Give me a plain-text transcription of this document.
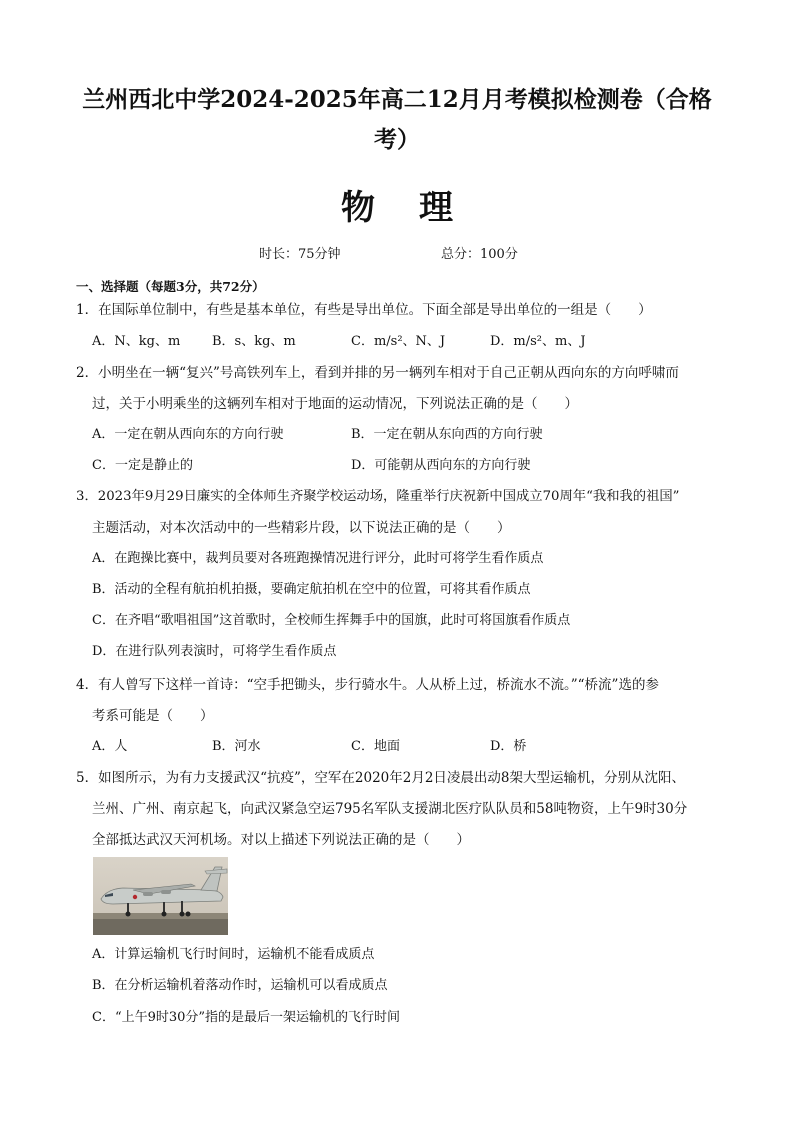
兰州西北中学2024-2025年高二12月月考模拟检测卷（合格
考）
物理
时长：75分钟	总分：100分
一、选择题（每题3分，共72分）
1．在国际单位制中，有些是基本单位，有些是导出单位。下面全部是导出单位的一组是（　　）
A．N、kg、m B．s、kg、m	C．m/s²、N、J	D．m/s²、m、J
2．小明坐在一辆“复兴”号高铁列车上，看到并排的另一辆列车相对于自己正朝从西向东的方向呼啸而
过，关于小明乘坐的这辆列车相对于地面的运动情况，下列说法正确的是（　　）
A．一定在朝从西向东的方向行驶	B．一定在朝从东向西的方向行驶
C．一定是静止的	D．可能朝从西向东的方向行驶
3．2023年9月29日廉实的全体师生齐聚学校运动场，隆重举行庆祝新中国成立70周年“我和我的祖国”
主题活动，对本次活动中的一些精彩片段，以下说法正确的是（　　）
A．在跑操比赛中，裁判员要对各班跑操情况进行评分，此时可将学生看作质点
B．活动的全程有航拍机拍摄，要确定航拍机在空中的位置，可将其看作质点
C．在齐唱“歌唱祖国”这首歌时，全校师生挥舞手中的国旗，此时可将国旗看作质点
D．在进行队列表演时，可将学生看作质点
4．有人曾写下这样一首诗：“空手把锄头，步行骑水牛。人从桥上过，桥流水不流。”“桥流”选的参
考系可能是（　　）
A．人	B．河水	C．地面	D．桥
5．如图所示，为有力支援武汉“抗疫”，空军在2020年2月2日凌晨出动8架大型运输机，分别从沈阳、
兰州、广州、南京起飞，向武汉紧急空运795名军队支援湖北医疗队队员和58吨物资，上午9时30分
全部抵达武汉天河机场。对以上描述下列说法正确的是（　　）
A．计算运输机飞行时间时，运输机不能看成质点
B．在分析运输机着落动作时，运输机可以看成质点
C．“上午9时30分”指的是最后一架运输机的飞行时间
